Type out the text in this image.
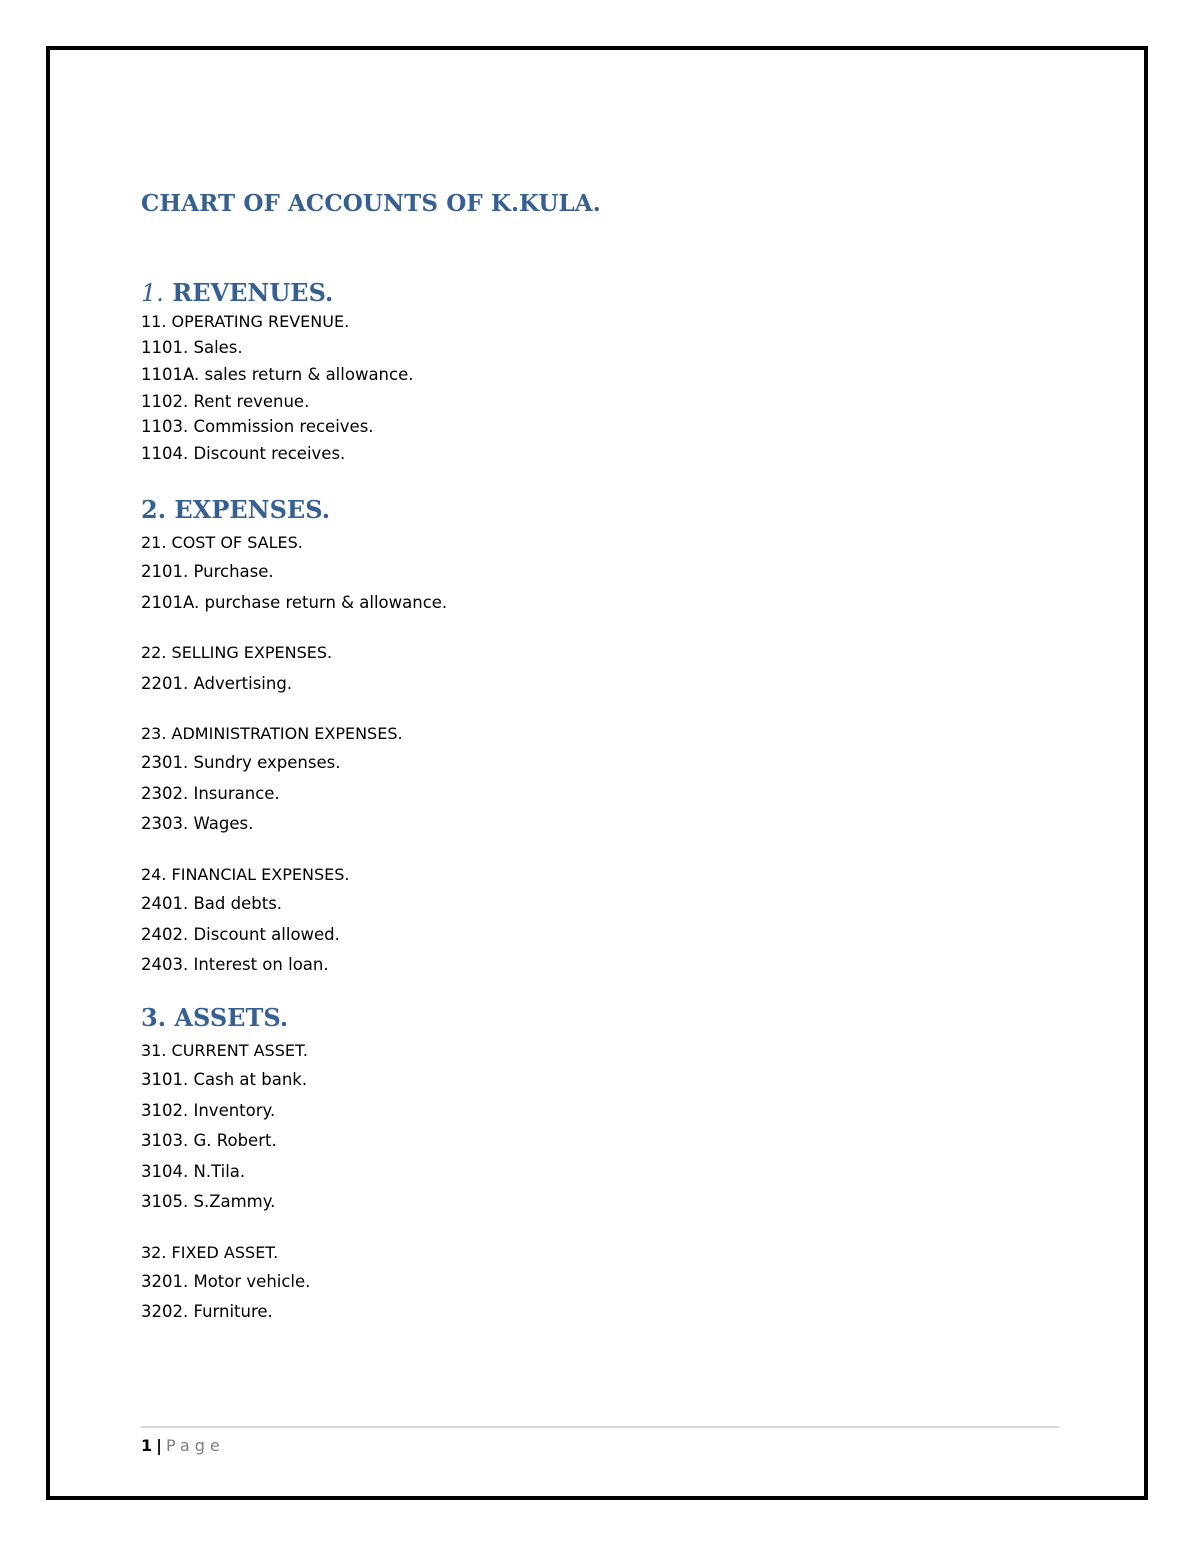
CHART OF ACCOUNTS OF K.KULA.
1. REVENUES.

11. OPERATING REVENUE.

1101. Sales.

1101A. sales return & allowance.

1102. Rent revenue.

1103. Commission receives.

1104. Discount receives.

2. EXPENSES.

21. COST OF SALES.

2101. Purchase.

2101A. purchase return & allowance.

22. SELLING EXPENSES.

2201. Advertising.

23. ADMINISTRATION EXPENSES.

2301. Sundry expenses.

2302. Insurance.

2303. Wages.

24. FINANCIAL EXPENSES.

2401. Bad debts.

2402. Discount allowed.

2403. Interest on loan.

3. ASSETS.

31. CURRENT ASSET.

3101. Cash at bank.

3102. Inventory.

3103. G. Robert.

3104. N.Tila.

3105. S.Zammy.

32. FIXED ASSET.

3201. Motor vehicle.

3202. Furniture.

1 | Page
